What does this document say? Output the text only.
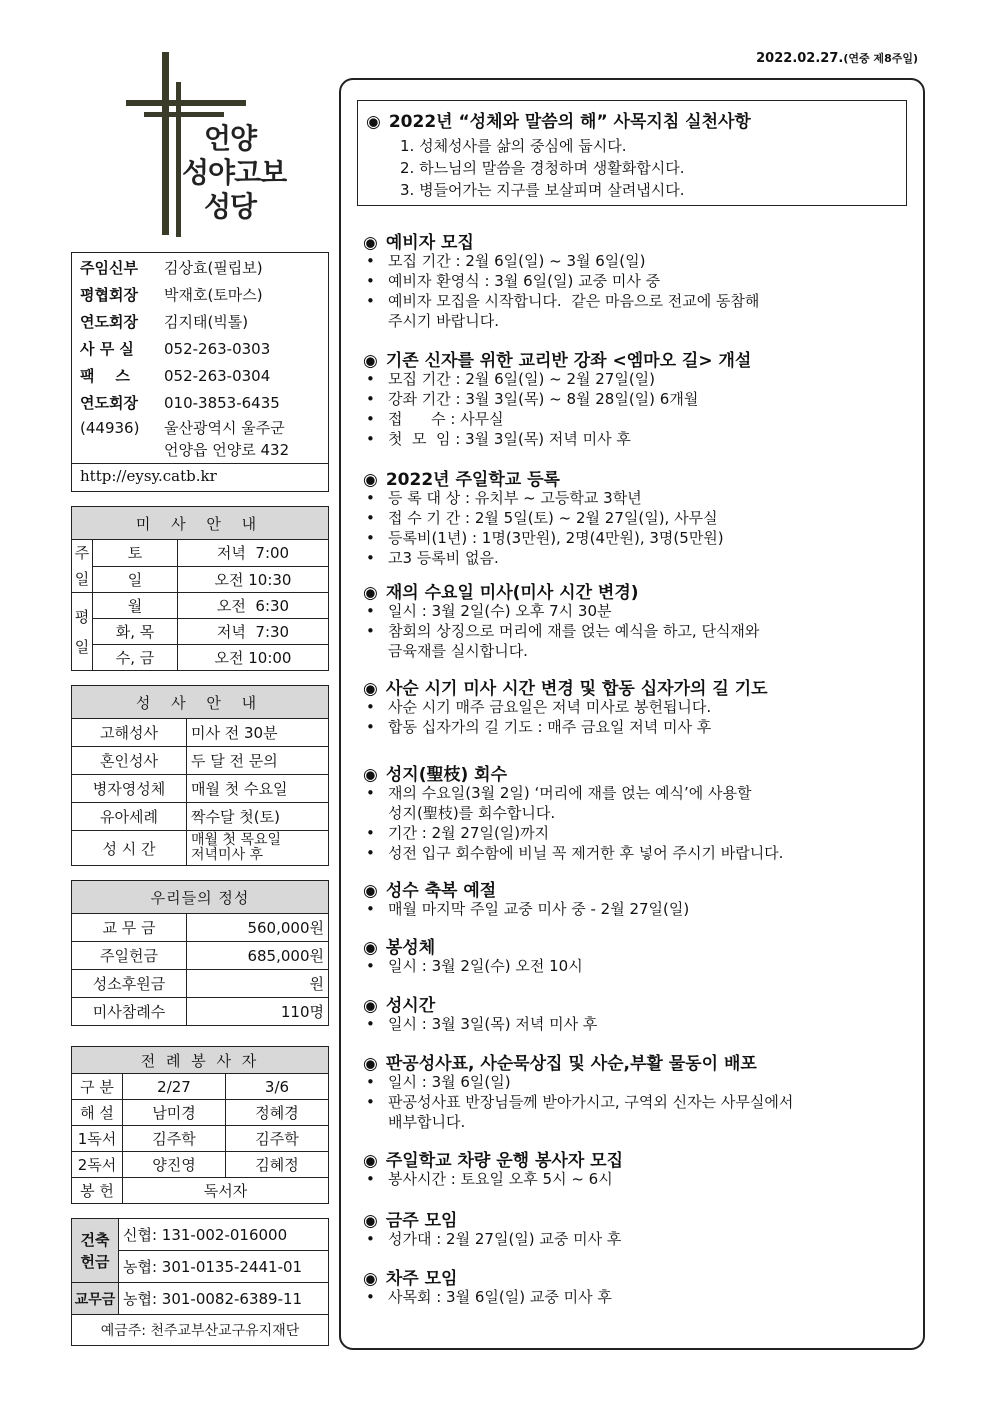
2022.02.27.(연중 제8주일)
언양
성야고보
성당
주임신부 김상효(필립보)
평협회장 박재호(토마스)
연도회장 김지태(빅톨)
사 무 실 052-263-0303
팩    스 052-263-0304
연도회장 010-3853-6435
(44936) 울산광역시 울주군
언양읍 언양로 432
http://eysy.catb.kr
미 사 안 내		
주일	토	저녁  7:00
	일	오전 10:30
평일	월	오전  6:30
	화, 목	저녁  7:30
	수, 금	오전 10:00
성 사 안 내	
고해성사	미사 전 30분
혼인성사	두 달 전 문의
병자영성체	매월 첫 수요일
유아세례	짝수달 첫(토)
성 시 간	매월 첫 목요일
저녁미사 후
우리들의 정성	
교 무 금	560,000원
주일헌금	685,000원
성소후원금	원
미사참례수	110명
전 례 봉 사 자		
구 분	2/27	3/6
해 설	남미경	정혜경
1독서	김주학	김주학
2독서	양진영	김혜정
봉 헌	독서자	
건축헌금	신협: 131-002-016000
	농협: 301-0135-2441-01
교무금	농협: 301-0082-6389-11
예금주: 천주교부산교구유지재단	
◉ 2022년 “성체와 말씀의 해” 사목지침 실천사항
1. 성체성사를 삶의 중심에 둡시다.
2. 하느님의 말씀을 경청하며 생활화합시다.
3. 병들어가는 지구를 보살피며 살려냅시다.
◉ 예비자 모집
• 모집 기간 : 2월 6일(일) ~ 3월 6일(일)
• 예비자 환영식 : 3월 6일(일) 교중 미사 중
• 예비자 모집을 시작합니다.  같은 마음으로 전교에 동참해
주시기 바랍니다.
◉ 기존 신자를 위한 교리반 강좌 <엠마오 길> 개설
• 모집 기간 : 2월 6일(일) ~ 2월 27일(일)
• 강좌 기간 : 3월 3일(목) ~ 8월 28일(일) 6개월
• 접      수 : 사무실
• 첫  모  임 : 3월 3일(목) 저녁 미사 후
◉ 2022년 주일학교 등록
• 등 록 대 상 : 유치부 ~ 고등학교 3학년
• 접 수 기 간 : 2월 5일(토) ~ 2월 27일(일), 사무실
• 등록비(1년) : 1명(3만원), 2명(4만원), 3명(5만원)
• 고3 등록비 없음.
◉ 재의 수요일 미사(미사 시간 변경)
• 일시 : 3월 2일(수) 오후 7시 30분
• 참회의 상징으로 머리에 재를 얹는 예식을 하고, 단식재와
금육재를 실시합니다.
◉ 사순 시기 미사 시간 변경 및 합동 십자가의 길 기도
• 사순 시기 매주 금요일은 저녁 미사로 봉헌됩니다.
• 합동 십자가의 길 기도 : 매주 금요일 저녁 미사 후
◉ 성지(聖枝) 회수
• 재의 수요일(3월 2일) ‘머리에 재를 얹는 예식’에 사용할
성지(聖枝)를 회수합니다.
• 기간 : 2월 27일(일)까지
• 성전 입구 회수함에 비닐 꼭 제거한 후 넣어 주시기 바랍니다.
◉ 성수 축복 예절
• 매월 마지막 주일 교중 미사 중 - 2월 27일(일)
◉ 봉성체
• 일시 : 3월 2일(수) 오전 10시
◉ 성시간
• 일시 : 3월 3일(목) 저녁 미사 후
◉ 판공성사표, 사순묵상집 및 사순,부활 물동이 배포
• 일시 : 3월 6일(일)
• 판공성사표 반장님들께 받아가시고, 구역외 신자는 사무실에서
배부합니다.
◉ 주일학교 차량 운행 봉사자 모집
• 봉사시간 : 토요일 오후 5시 ~ 6시
◉ 금주 모임
• 성가대 : 2월 27일(일) 교중 미사 후
◉ 차주 모임
• 사목회 : 3월 6일(일) 교중 미사 후
